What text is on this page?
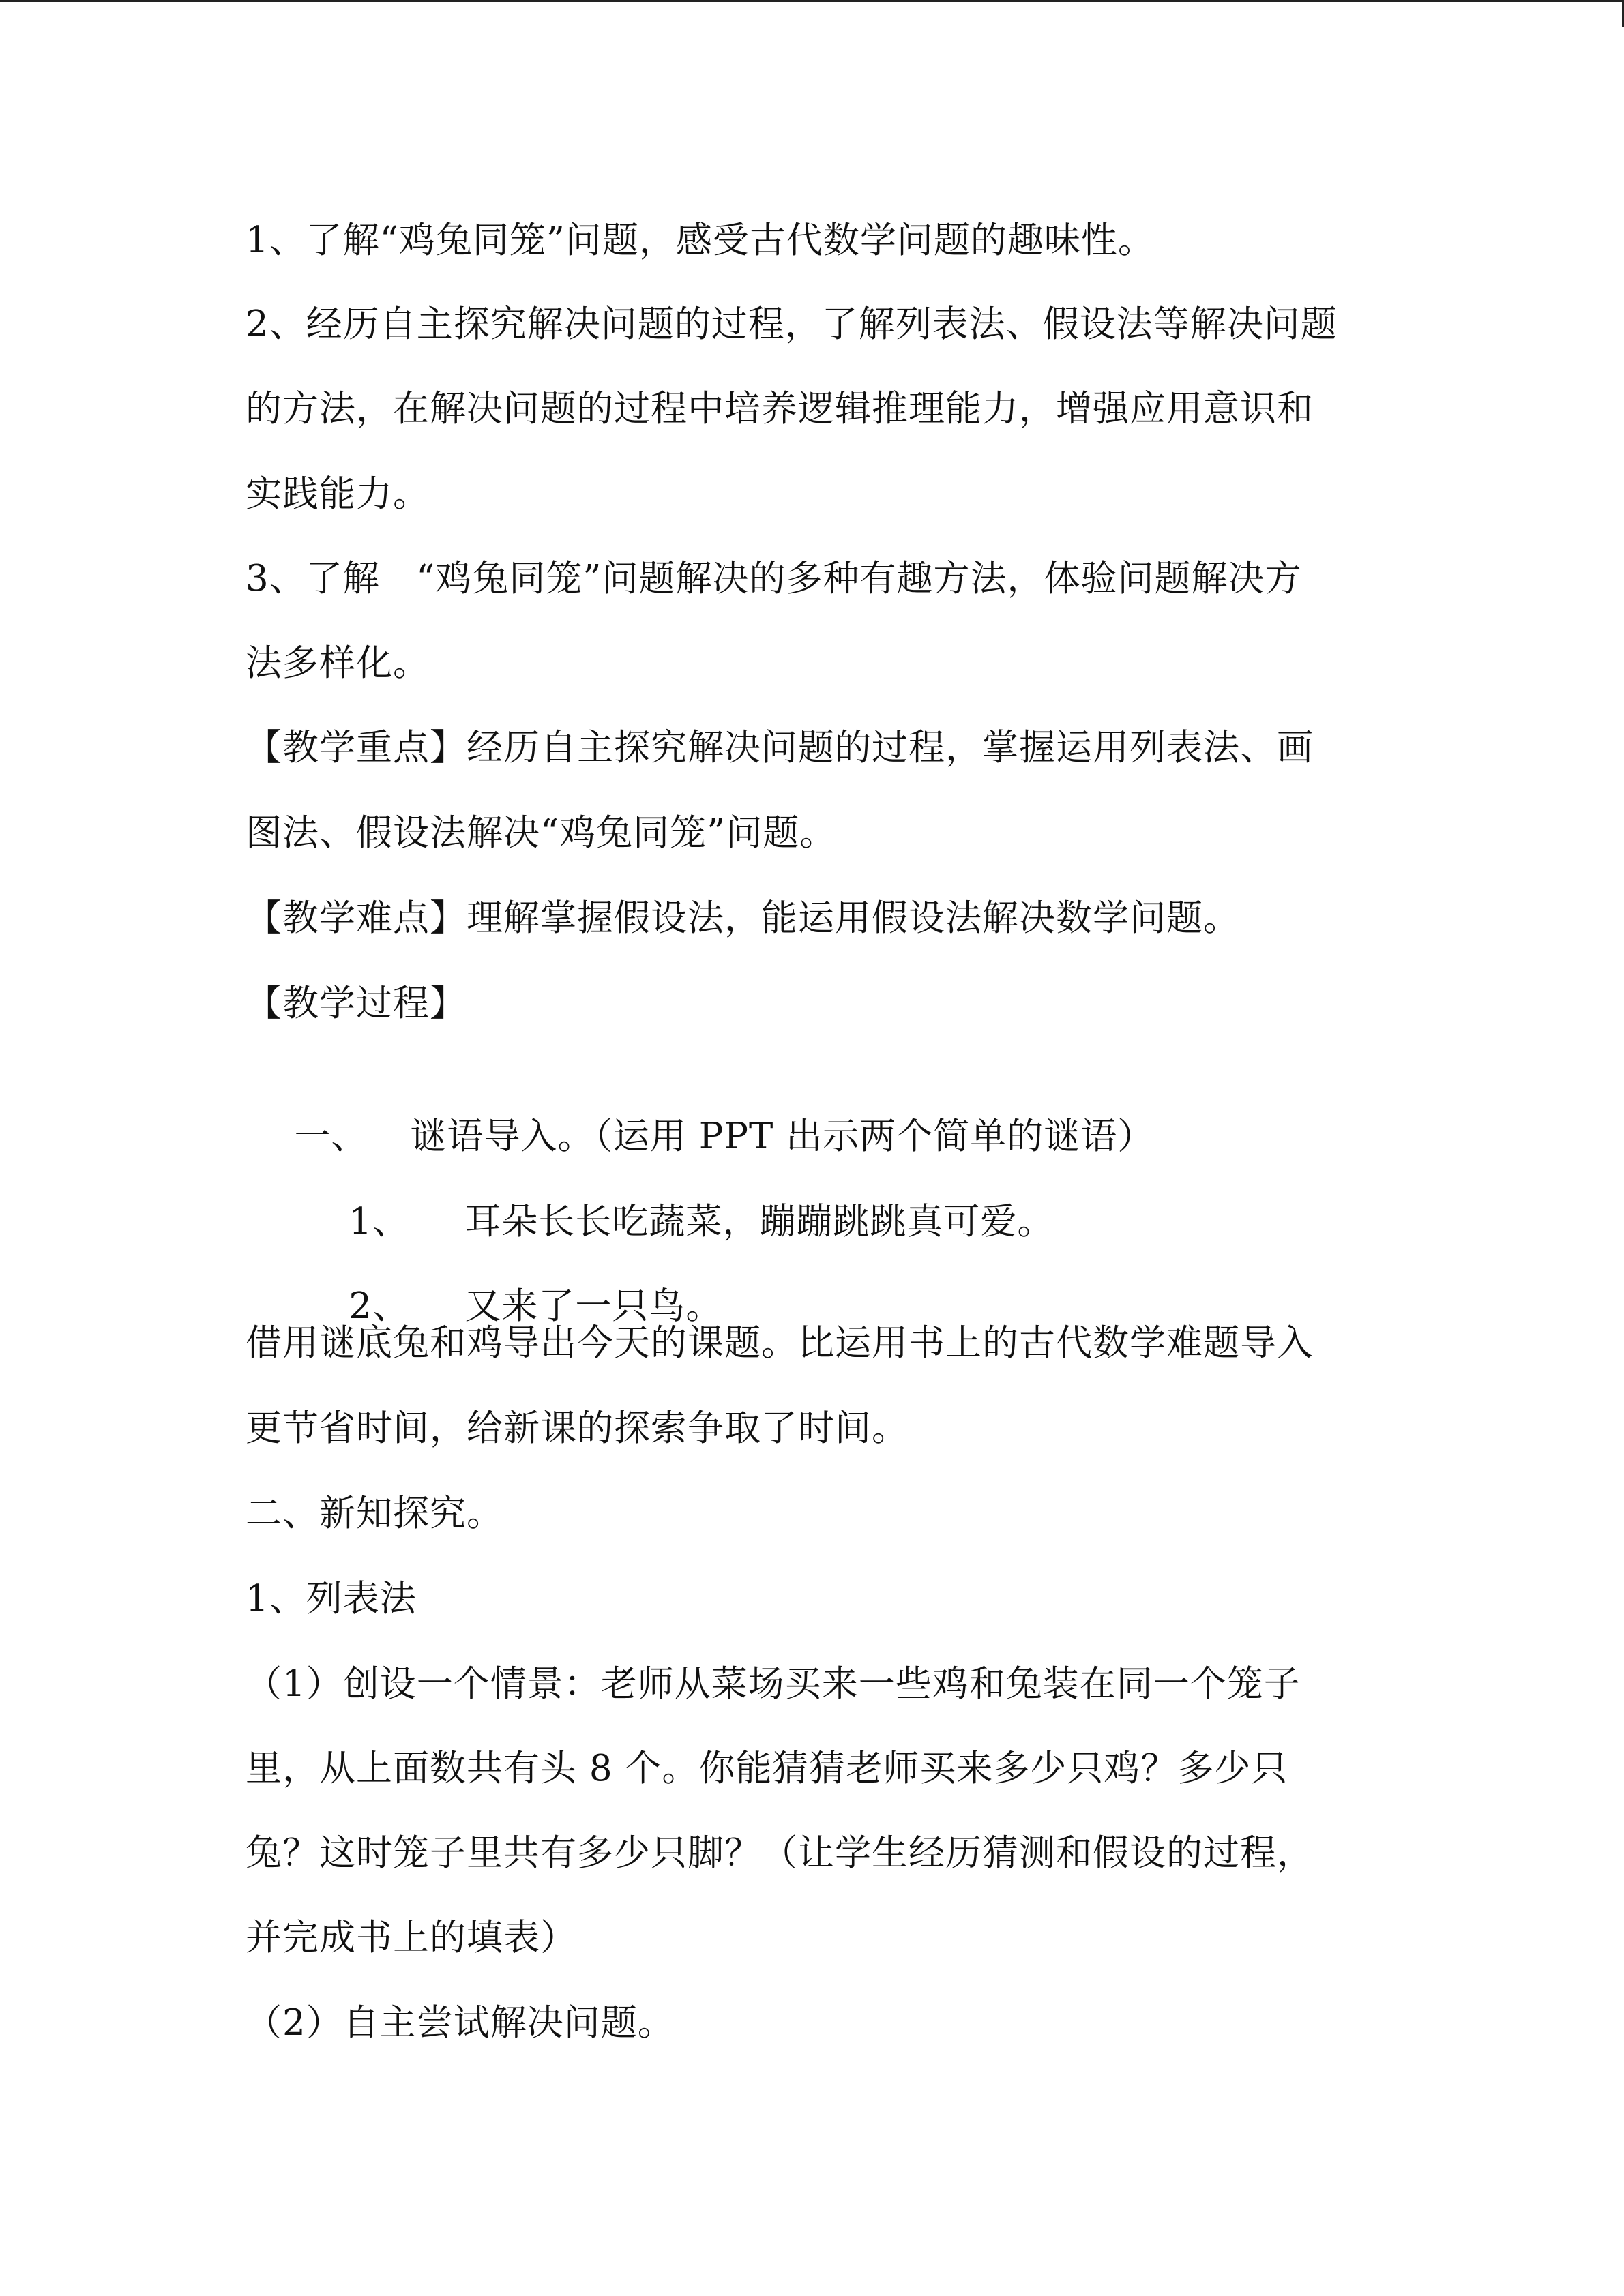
1、了解“鸡兔同笼”问题，感受古代数学问题的趣味性。
2、经历自主探究解决问题的过程，了解列表法、假设法等解决问题
的方法，在解决问题的过程中培养逻辑推理能力，增强应用意识和
实践能力。
3、了解   “鸡兔同笼”问题解决的多种有趣方法，体验问题解决方
法多样化。
【教学重点】经历自主探究解决问题的过程，掌握运用列表法、画
图法、假设法解决“鸡兔同笼”问题。
【教学难点】理解掌握假设法，能运用假设法解决数学问题。
【教学过程】

一、 谜语导入。（运用 PPT 出示两个简单的谜语）

1、 耳朵长长吃蔬菜，蹦蹦跳跳真可爱。

2、 又来了一只鸟。

借用谜底兔和鸡导出今天的课题。比运用书上的古代数学难题导入
更节省时间，给新课的探索争取了时间。
二、新知探究。
1、列表法
（1）创设一个情景：老师从菜场买来一些鸡和兔装在同一个笼子
里，从上面数共有头 8 个。你能猜猜老师买来多少只鸡？多少只
兔？这时笼子里共有多少只脚？（让学生经历猜测和假设的过程，
并完成书上的填表）
（2）自主尝试解决问题。
